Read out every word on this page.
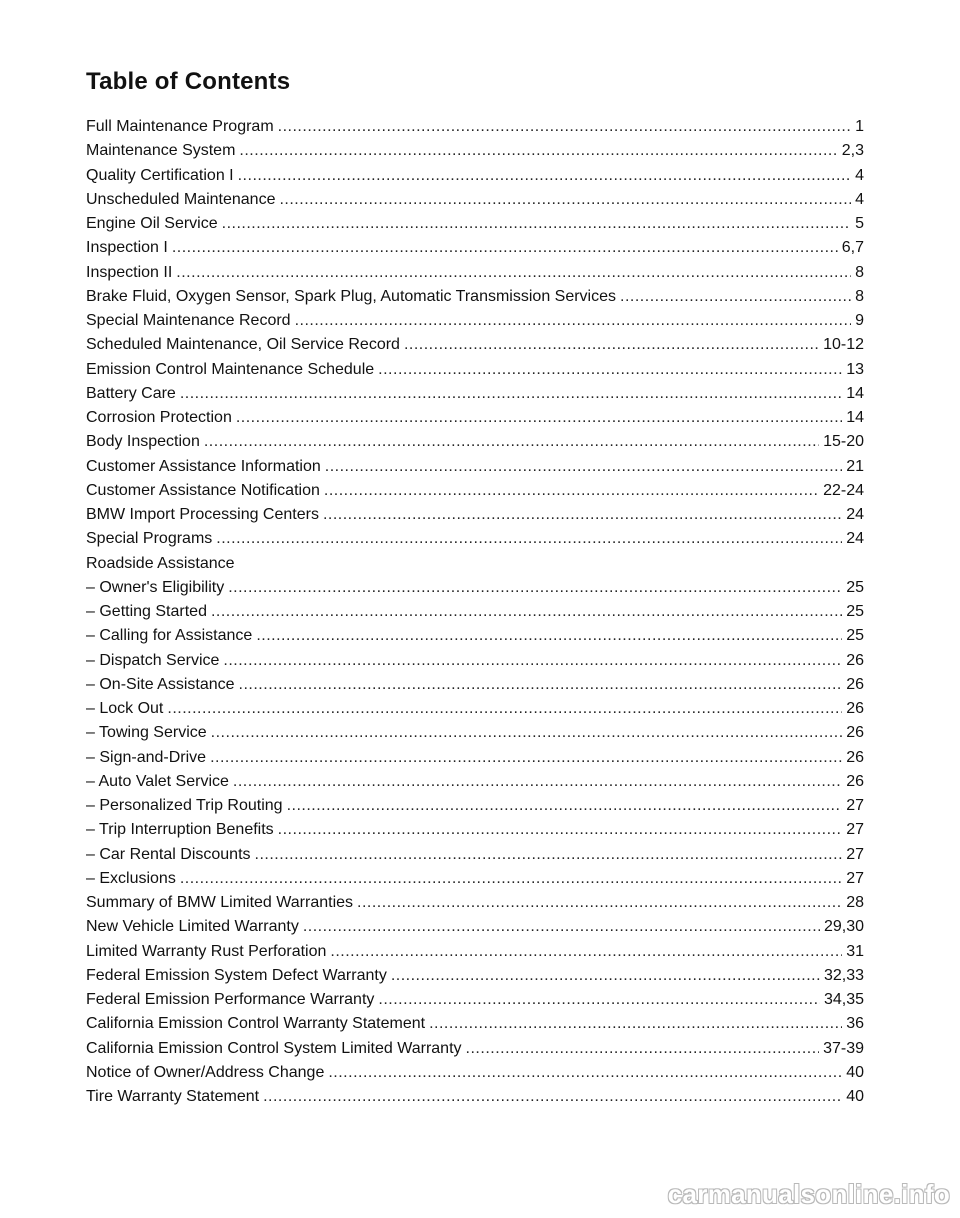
Table of Contents
Full Maintenance Program .....	1
Maintenance System .....	2,3
Quality Certification I .....	4
Unscheduled Maintenance .....	4
Engine Oil Service .....	5
Inspection I .....	6,7
Inspection II .....	8
Brake Fluid, Oxygen Sensor, Spark Plug, Automatic Transmission Services .....	8
Special Maintenance Record .....	9
Scheduled Maintenance, Oil Service Record .....	10-12
Emission Control Maintenance Schedule .....	13
Battery Care .....	14
Corrosion Protection .....	14
Body Inspection .....	15-20
Customer Assistance Information .....	21
Customer Assistance Notification .....	22-24
BMW Import Processing Centers .....	24
Special Programs .....	24
Roadside Assistance
– Owner's Eligibility .....	25
– Getting Started .....	25
– Calling for Assistance .....	25
– Dispatch Service .....	26
– On-Site Assistance .....	26
– Lock Out .....	26
– Towing Service .....	26
– Sign-and-Drive .....	26
– Auto Valet Service .....	26
– Personalized Trip Routing .....	27
– Trip Interruption Benefits .....	27
– Car Rental Discounts .....	27
– Exclusions .....	27
Summary of BMW Limited Warranties .....	28
New Vehicle Limited Warranty .....	29,30
Limited Warranty Rust Perforation .....	31
Federal Emission System Defect Warranty .....	32,33
Federal Emission Performance Warranty .....	34,35
California Emission Control Warranty Statement .....	36
California Emission Control System Limited Warranty .....	37-39
Notice of Owner/Address Change .....	40
Tire Warranty Statement .....	40

carmanualsonline.info
